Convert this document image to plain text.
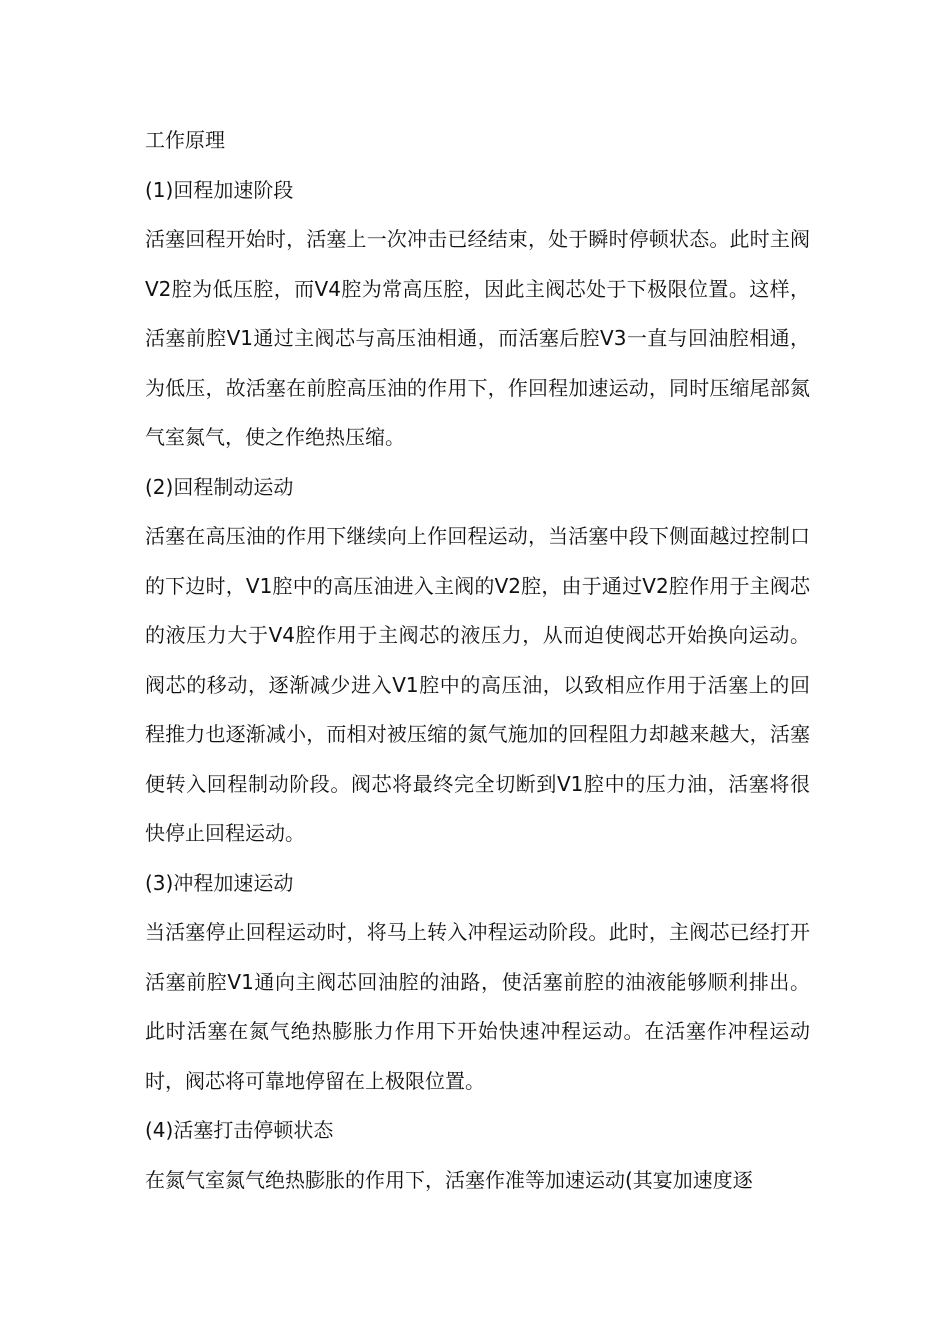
工作原理

(1)回程加速阶段

活塞回程开始时，活塞上一次冲击已经结束，处于瞬时停顿状态。此时主阀V2腔为低压腔，而V4腔为常高压腔，因此主阀芯处于下极限位置。这样，活塞前腔V1通过主阀芯与高压油相通，而活塞后腔V3一直与回油腔相通，为低压，故活塞在前腔高压油的作用下，作回程加速运动，同时压缩尾部氮气室氮气，使之作绝热压缩。

(2)回程制动运动

活塞在高压油的作用下继续向上作回程运动，当活塞中段下侧面越过控制口的下边时，V1腔中的高压油进入主阀的V2腔，由于通过V2腔作用于主阀芯的液压力大于V4腔作用于主阀芯的液压力，从而迫使阀芯开始换向运动。阀芯的移动，逐渐减少进入V1腔中的高压油，以致相应作用于活塞上的回程推力也逐渐减小，而相对被压缩的氮气施加的回程阻力却越来越大，活塞便转入回程制动阶段。阀芯将最终完全切断到V1腔中的压力油，活塞将很快停止回程运动。

(3)冲程加速运动

当活塞停止回程运动时，将马上转入冲程运动阶段。此时，主阀芯已经打开活塞前腔V1通向主阀芯回油腔的油路，使活塞前腔的油液能够顺利排出。此时活塞在氮气绝热膨胀力作用下开始快速冲程运动。在活塞作冲程运动时，阀芯将可靠地停留在上极限位置。

(4)活塞打击停顿状态

在氮气室氮气绝热膨胀的作用下，活塞作准等加速运动(其宴加速度逐
